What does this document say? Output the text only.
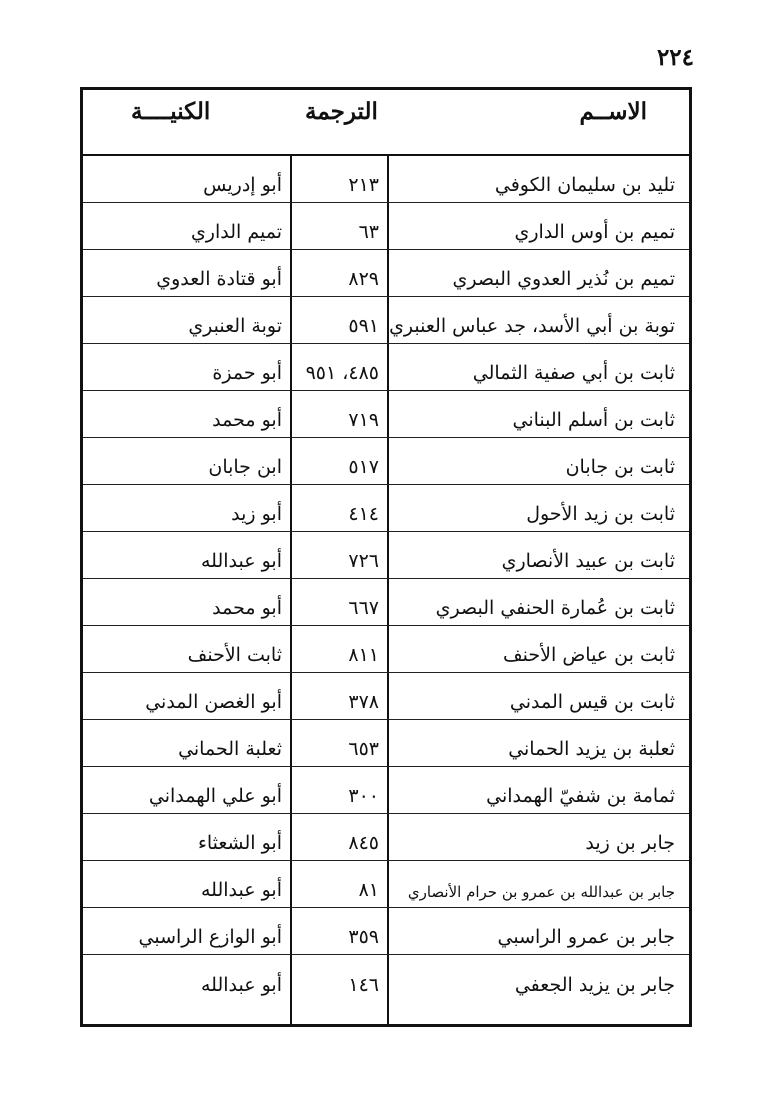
٢٢٤
الاســم
الترجمة
الكنيــــة
تليد بن سليمان الكوفي
٢١٣
أبو إدريس
تميم بن أوس الداري
٦٣
تميم الداري
تميم بن نُذير العدوي البصري
٨٢٩
أبو قتادة العدوي
توبة بن أبي الأسد، جد عباس العنبري
٥٩١
توبة العنبري
ثابت بن أبي صفية الثمالي
٤٨٥، ٩٥١
أبو حمزة
ثابت بن أسلم البناني
٧١٩
أبو محمد
ثابت بن جابان
٥١٧
ابن جابان
ثابت بن زيد الأحول
٤١٤
أبو زيد
ثابت بن عبيد الأنصاري
٧٢٦
أبو عبدالله
ثابت بن عُمارة الحنفي البصري
٦٦٧
أبو محمد
ثابت بن عياض الأحنف
٨١١
ثابت الأحنف
ثابت بن قيس المدني
٣٧٨
أبو الغصن المدني
ثعلبة بن يزيد الحماني
٦٥٣
ثعلبة الحماني
ثمامة بن شفيّ الهمداني
٣٠٠
أبو علي الهمداني
جابر بن زيد
٨٤٥
أبو الشعثاء
جابر بن عبدالله بن عمرو بن حرام الأنصاري
٨١
أبو عبدالله
جابر بن عمرو الراسبي
٣٥٩
أبو الوازع الراسبي
جابر بن يزيد الجعفي
١٤٦
أبو عبدالله
